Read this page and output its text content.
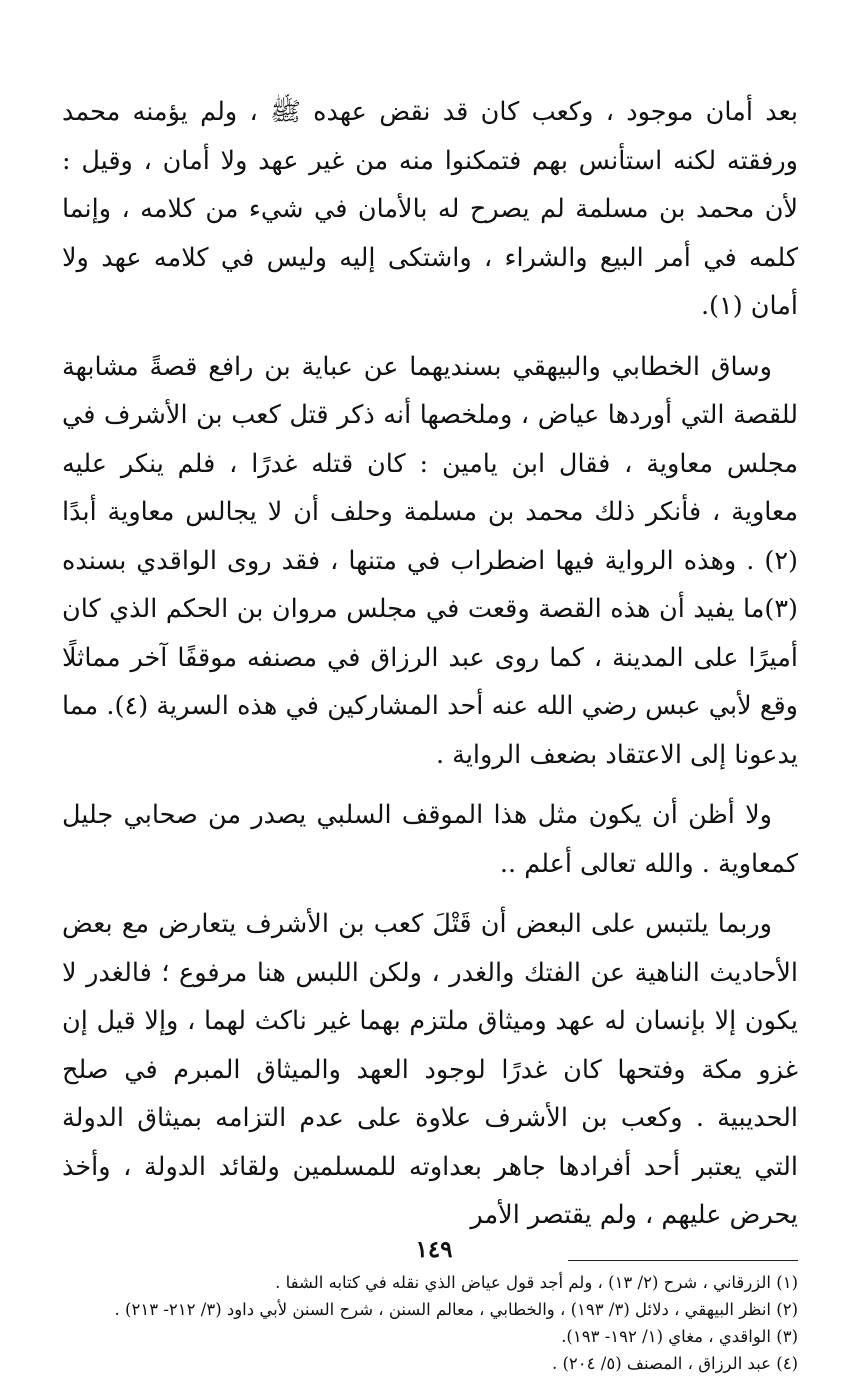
بعد أمان موجود ، وكعب كان قد نقض عهده ﷺ ، ولم يؤمنه محمد ورفقته لكنه استأنس بهم فتمكنوا منه من غير عهد ولا أمان ، وقيل : لأن محمد بن مسلمة لم يصرح له بالأمان في شيء من كلامه ، وإنما كلمه في أمر البيع والشراء ، واشتكى إليه وليس في كلامه عهد ولا أمان (١).

وساق الخطابي والبيهقي بسنديهما عن عباية بن رافع قصةً مشابهة للقصة التي أوردها عياض ، وملخصها أنه ذكر قتل كعب بن الأشرف في مجلس معاوية ، فقال ابن يامين : كان قتله غدرًا ، فلم ينكر عليه معاوية ، فأنكر ذلك محمد بن مسلمة وحلف أن لا يجالس معاوية أبدًا (٢) . وهذه الرواية فيها اضطراب في متنها ، فقد روى الواقدي بسنده (٣)ما يفيد أن هذه القصة وقعت في مجلس مروان بن الحكم الذي كان أميرًا على المدينة ، كما روى عبد الرزاق في مصنفه موقفًا آخر مماثلًا وقع لأبي عبس رضي الله عنه أحد المشاركين في هذه السرية (٤). مما يدعونا إلى الاعتقاد بضعف الرواية .

ولا أظن أن يكون مثل هذا الموقف السلبي يصدر من صحابي جليل كمعاوية . والله تعالى أعلم ..

وربما يلتبس على البعض أن قَتْلَ كعب بن الأشرف يتعارض مع بعض الأحاديث الناهية عن الفتك والغدر ، ولكن اللبس هنا مرفوع ؛ فالغدر لا يكون إلا بإنسان له عهد وميثاق ملتزم بهما غير ناكث لهما ، وإلا قيل إن غزو مكة وفتحها كان غدرًا لوجود العهد والميثاق المبرم في صلح الحديبية . وكعب بن الأشرف علاوة على عدم التزامه بميثاق الدولة التي يعتبر أحد أفرادها جاهر بعداوته للمسلمين ولقائد الدولة ، وأخذ يحرض عليهم ، ولم يقتصر الأمر

(١) الزرقاني ، شرح (٢/ ١٣) ، ولم أجد قول عياض الذي نقله في كتابه الشفا .

(٢) انظر البيهقي ، دلائل (٣/ ١٩٣) ، والخطابي ، معالم السنن ، شرح السنن لأبي داود (٣/ ٢١٢- ٢١٣) .

(٣) الواقدي ، مغاي (١/ ١٩٢- ١٩٣).

(٤) عبد الرزاق ، المصنف (٥/ ٢٠٤) .

١٤٩
